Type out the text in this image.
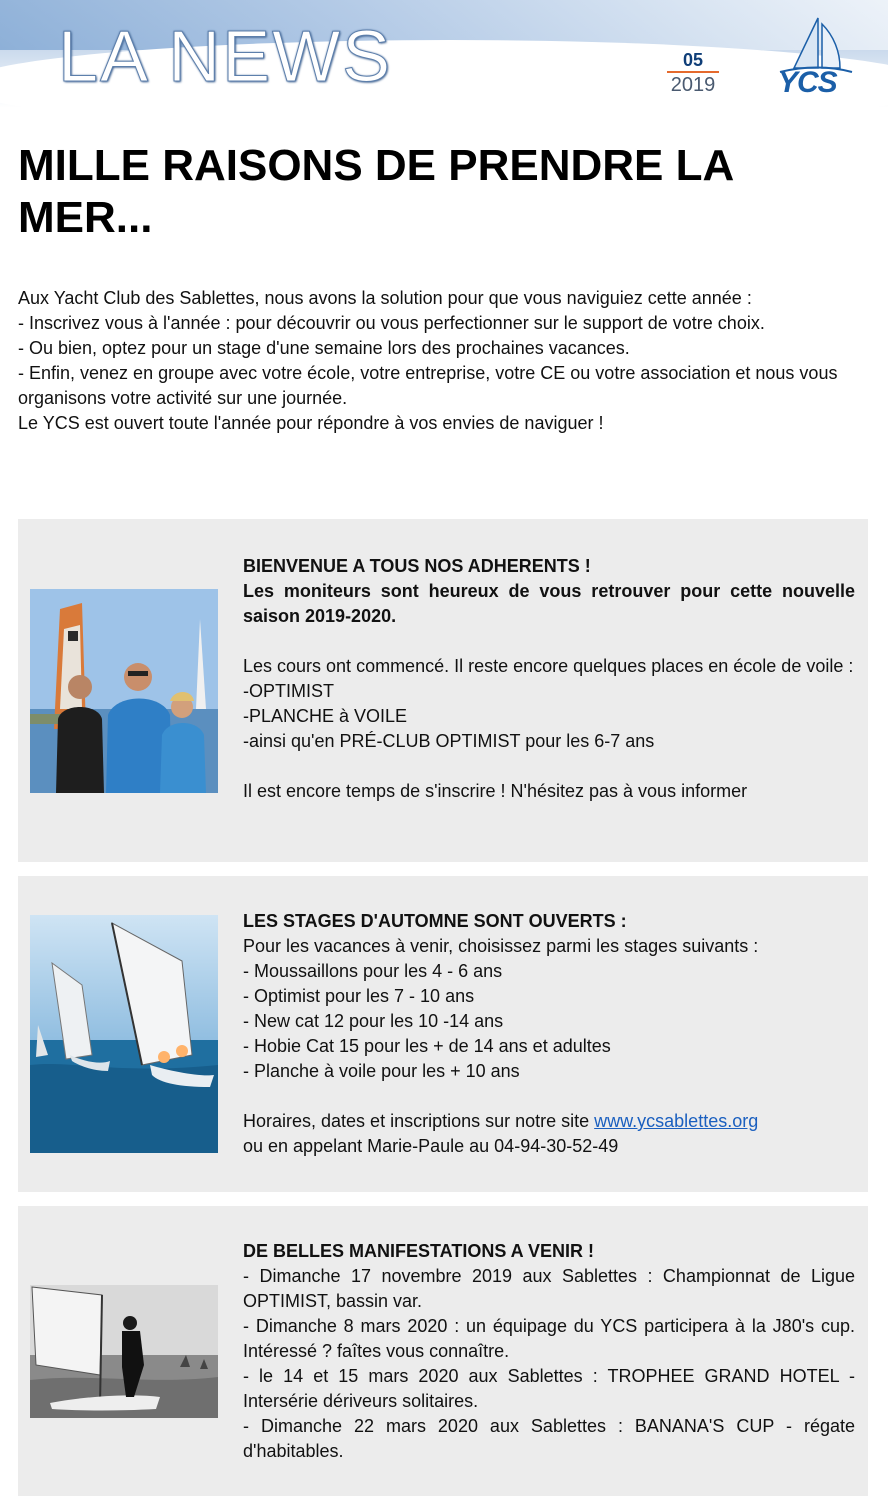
LA NEWS	05
2019 YCS
MILLE RAISONS DE PRENDRE LA MER...

Aux Yacht Club des Sablettes, nous avons la solution pour que vous naviguiez cette année :

- Inscrivez vous à l'année : pour découvrir ou vous perfectionner sur le support de votre choix.

- Ou bien, optez pour un stage d'une semaine lors des prochaines vacances.

- Enfin, venez en groupe avec votre école, votre entreprise, votre CE ou votre association et nous vous organisons votre activité sur une journée.

Le YCS est ouvert toute l'année pour répondre à vos envies de naviguer !

BIENVENUE A TOUS NOS ADHERENTS !

Les moniteurs sont heureux de vous retrouver pour cette nouvelle saison 2019-2020.

Les cours ont commencé. Il reste encore quelques places en école de voile :

-OPTIMIST

-PLANCHE à VOILE

-ainsi qu'en PRÉ-CLUB OPTIMIST pour les 6-7 ans

Il est encore temps de s'inscrire ! N'hésitez pas à vous informer

LES STAGES D'AUTOMNE SONT OUVERTS :

Pour les vacances à venir, choisissez parmi les stages suivants :

- Moussaillons pour les 4 - 6 ans

- Optimist pour les 7 - 10 ans

- New cat 12 pour les 10 -14 ans

- Hobie Cat 15 pour les + de 14 ans et adultes

- Planche à voile pour les + 10 ans

Horaires, dates et inscriptions sur notre site www.ycsablettes.org

ou en appelant Marie-Paule au 04-94-30-52-49

DE BELLES MANIFESTATIONS A VENIR !

- Dimanche 17 novembre 2019 aux Sablettes : Championnat de Ligue OPTIMIST, bassin var.

- Dimanche 8 mars 2020 : un équipage du YCS participera à la J80's cup. Intéressé ? faîtes vous connaître.

- le 14 et 15 mars 2020 aux Sablettes : TROPHEE GRAND HOTEL - Intersérie dériveurs solitaires.

- Dimanche 22 mars 2020 aux Sablettes : BANANA'S CUP - régate d'habitables.
